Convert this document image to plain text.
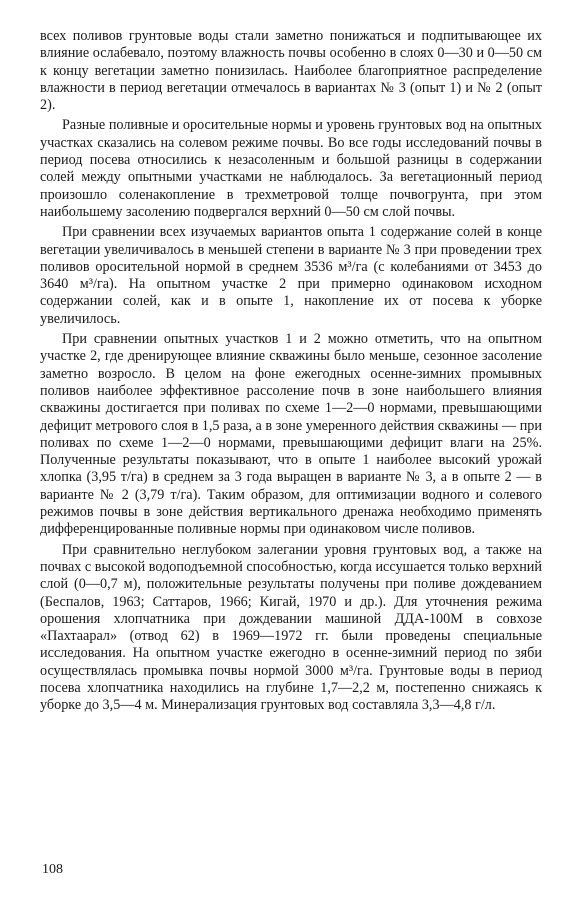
всех поливов грунтовые воды стали заметно понижаться и подпитывающее их влияние ослабевало, поэтому влажность почвы особенно в слоях 0—30 и 0—50 см к концу вегетации заметно понизилась. Наиболее благоприятное распределение влажности в период вегетации отмечалось в вариантах № 3 (опыт 1) и № 2 (опыт 2).

Разные поливные и оросительные нормы и уровень грунтовых вод на опытных участках сказались на солевом режиме почвы. Во все годы исследований почвы в период посева относились к незасоленным и большой разницы в содержании солей между опытными участками не наблюдалось. За вегетационный период произошло соленакопление в трехметровой толще почвогрунта, при этом наибольшему засолению подвергался верхний 0—50 см слой почвы.

При сравнении всех изучаемых вариантов опыта 1 содержание солей в конце вегетации увеличивалось в меньшей степени в варианте № 3 при проведении трех поливов оросительной нормой в среднем 3536 м³/га (с колебаниями от 3453 до 3640 м³/га). На опытном участке 2 при примерно одинаковом исходном содержании солей, как и в опыте 1, накопление их от посева к уборке увеличилось.

При сравнении опытных участков 1 и 2 можно отметить, что на опытном участке 2, где дренирующее влияние скважины было меньше, сезонное засоление заметно возросло. В целом на фоне ежегодных осенне-зимних промывных поливов наиболее эффективное рассоление почв в зоне наибольшего влияния скважины достигается при поливах по схеме 1—2—0 нормами, превышающими дефицит метрового слоя в 1,5 раза, а в зоне умеренного действия скважины — при поливах по схеме 1—2—0 нормами, превышающими дефицит влаги на 25%. Полученные результаты показывают, что в опыте 1 наиболее высокий урожай хлопка (3,95 т/га) в среднем за 3 года выращен в варианте № 3, а в опыте 2 — в варианте № 2 (3,79 т/га). Таким образом, для оптимизации водного и солевого режимов почвы в зоне действия вертикального дренажа необходимо применять дифференцированные поливные нормы при одинаковом числе поливов.

При сравнительно неглубоком залегании уровня грунтовых вод, а также на почвах с высокой водоподъемной способностью, когда иссушается только верхний слой (0—0,7 м), положительные результаты получены при поливе дождеванием (Беспалов, 1963; Саттаров, 1966; Кигай, 1970 и др.). Для уточнения режима орошения хлопчатника при дождевании машиной ДДА-100М в совхозе «Пахтаарал» (отвод 62) в 1969—1972 гг. были проведены специальные исследования. На опытном участке ежегодно в осенне-зимний период по зяби осуществлялась промывка почвы нормой 3000 м³/га. Грунтовые воды в период посева хлопчатника находились на глубине 1,7—2,2 м, постепенно снижаясь к уборке до 3,5—4 м. Минерализация грунтовых вод составляла 3,3—4,8 г/л.

108
